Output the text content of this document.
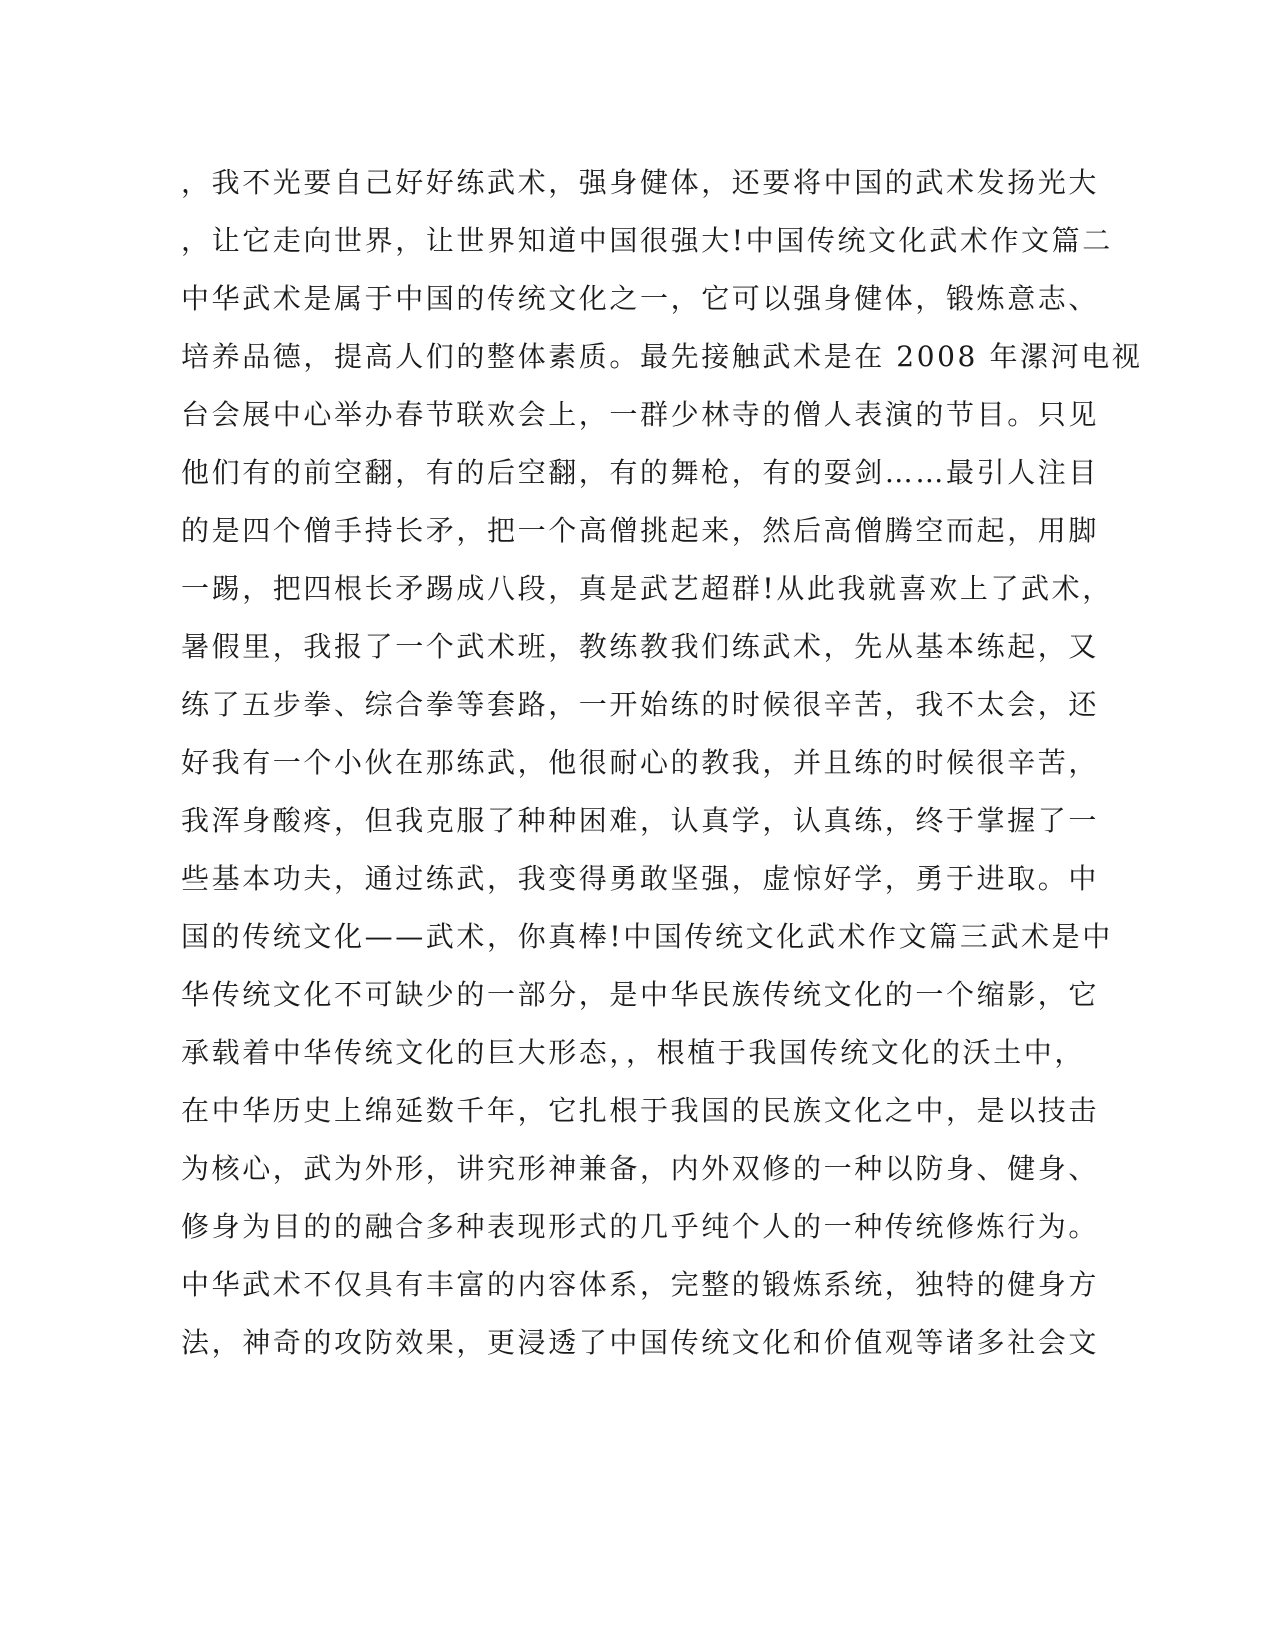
，我不光要自己好好练武术，强身健体，还要将中国的武术发扬光大
，让它走向世界，让世界知道中国很强大!中国传统文化武术作文篇二
中华武术是属于中国的传统文化之一，它可以强身健体，锻炼意志、
培养品德，提高人们的整体素质。最先接触武术是在 2008 年漯河电视
台会展中心举办春节联欢会上，一群少林寺的僧人表演的节目。只见
他们有的前空翻，有的后空翻，有的舞枪，有的耍剑……最引人注目
的是四个僧手持长矛，把一个高僧挑起来，然后高僧腾空而起，用脚
一踢，把四根长矛踢成八段，真是武艺超群!从此我就喜欢上了武术，
暑假里，我报了一个武术班，教练教我们练武术，先从基本练起，又
练了五步拳、综合拳等套路，一开始练的时候很辛苦，我不太会，还
好我有一个小伙在那练武，他很耐心的教我，并且练的时候很辛苦，
我浑身酸疼，但我克服了种种困难，认真学，认真练，终于掌握了一
些基本功夫，通过练武，我变得勇敢坚强，虚惊好学，勇于进取。中
国的传统文化——武术，你真棒!中国传统文化武术作文篇三武术是中
华传统文化不可缺少的一部分，是中华民族传统文化的一个缩影，它
承载着中华传统文化的巨大形态，，根植于我国传统文化的沃土中，
在中华历史上绵延数千年，它扎根于我国的民族文化之中，是以技击
为核心，武为外形，讲究形神兼备，内外双修的一种以防身、健身、
修身为目的的融合多种表现形式的几乎纯个人的一种传统修炼行为。
中华武术不仅具有丰富的内容体系，完整的锻炼系统，独特的健身方
法，神奇的攻防效果，更浸透了中国传统文化和价值观等诸多社会文
